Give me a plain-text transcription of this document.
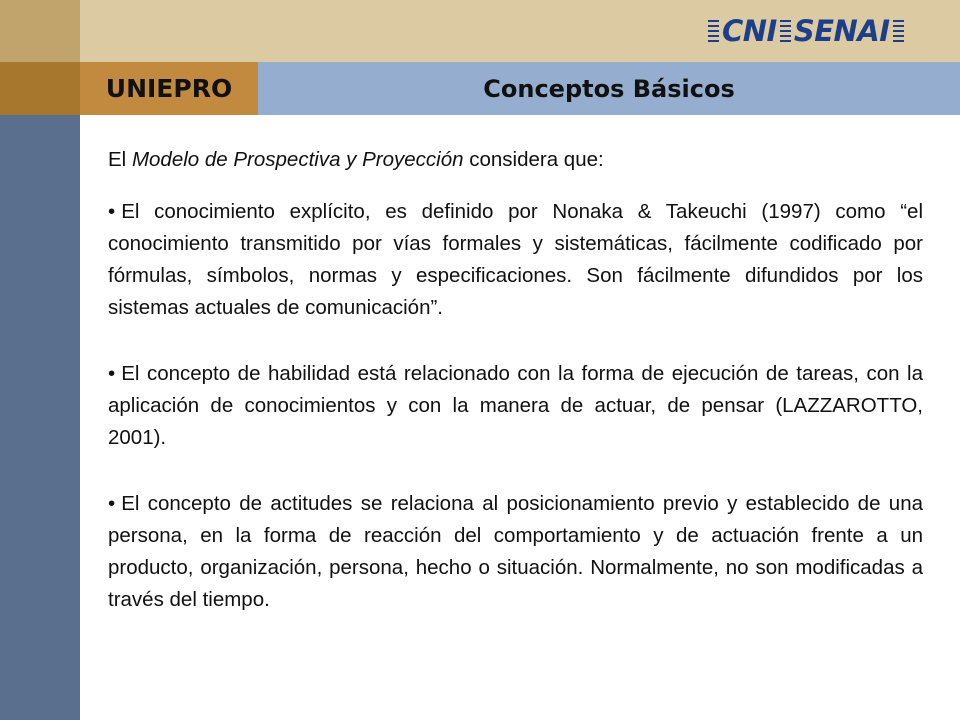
CNI SENAI
UNIEPRO	Conceptos Básicos

El Modelo de Prospectiva y Proyección considera que:

• El conocimiento explícito, es definido por Nonaka & Takeuchi (1997) como “el conocimiento transmitido por vías formales y sistemáticas, fácilmente codificado por fórmulas, símbolos, normas y especificaciones. Son fácilmente difundidos por los sistemas actuales de comunicación”.

• El concepto de habilidad está relacionado con la forma de ejecución de tareas, con la aplicación de conocimientos y con la manera de actuar, de pensar (LAZZAROTTO, 2001).

• El concepto de actitudes se relaciona al posicionamiento previo y establecido de una persona, en la forma de reacción del comportamiento y de actuación frente a un producto, organización, persona, hecho o situación. Normalmente, no son modificadas a través del tiempo.
